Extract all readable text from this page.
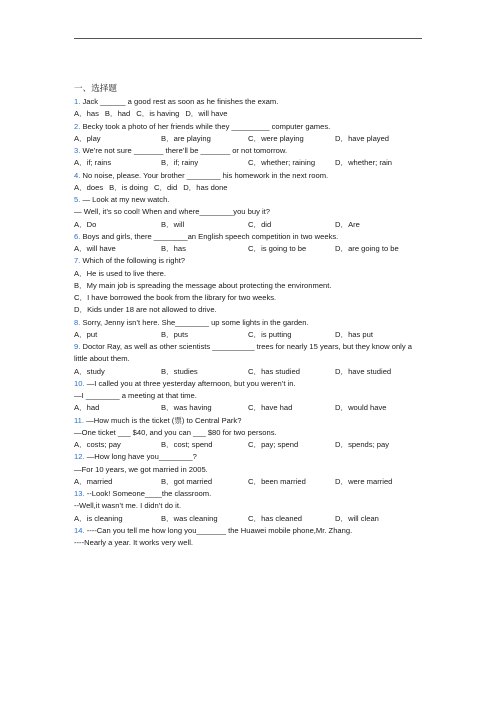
一、选择题
1. Jack ______ a good rest as soon as he finishes the exam.
A．has B．had C．is having D．will have
2. Becky took a photo of her friends while they _________ computer games.
A．play	B．are playing	C．were playing	D．have played
3. We’re not sure _______ there’ll be _______ or not tomorrow.
A．if; rains	B．if; rainy	C．whether; raining	D．whether; rain
4. No noise, please. Your brother ________ his homework in the next room.
A．does B．is doing C．did D．has done
5. — Look at my new watch.
— Well, it’s so cool! When and where________you buy it?
A．Do	B．will	C．did	D．Are
6. Boys and girls, there ________an English speech competition in two weeks.
A．will have	B．has	C．is going to be	D．are going to be
7. Which of the following is right?
A．He is used to live there.
B．My main job is spreading the message about protecting the environment.
C．I have borrowed the book from the library for two weeks.
D．Kids under 18 are not allowed to drive.
8. Sorry, Jenny isn’t here. She________ up some lights in the garden.
A．put	B．puts	C．is putting	D．has put
9. Doctor Ray, as well as other scientists __________ trees for nearly 15 years, but they know only a little about them.
A．study	B．studies	C．has studied	D．have studied
10. —I called you at three yesterday afternoon, but you weren’t in.
—I ________ a meeting at that time.
A．had	B．was having	C．have had	D．would have
11. —How much is the ticket (票) to Central Park?
—One ticket ___ $40, and you can ___ $80 for two persons.
A．costs; pay	B．cost; spend	C．pay; spend	D．spends; pay
12. —How long have you________?
—For 10 years, we got married in 2005.
A．married	B．got married	C．been married	D．were married
13. --Look! Someone____the classroom.
--Well,it wasn’t me. I didn’t do it.
A．is cleaning	B．was cleaning	C．has cleaned	D．will clean
14. ----Can you tell me how long you_______ the Huawei mobile phone,Mr. Zhang.
----Nearly a year. It works very well.
